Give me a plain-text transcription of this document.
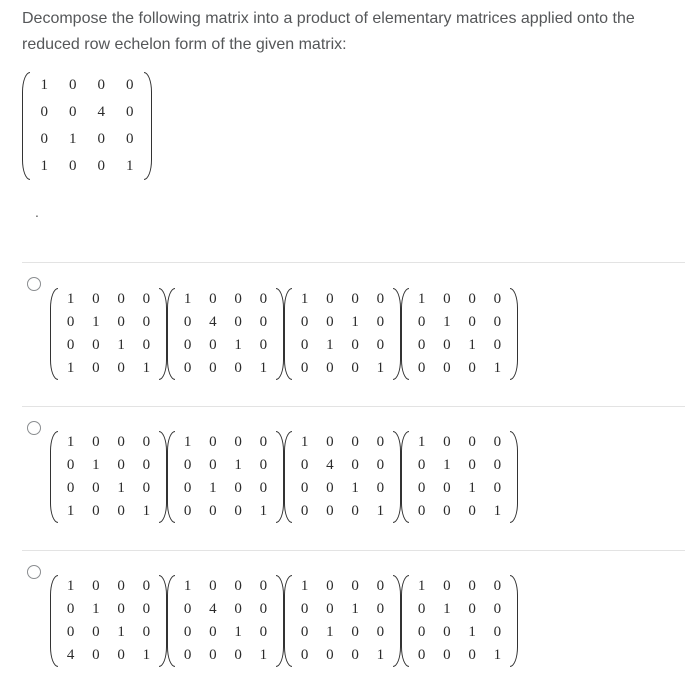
Decompose the following matrix into a product of elementary matrices applied onto the reduced row echelon form of the given matrix:
1 0 0 0
0 0 4 0
0 1 0 0
1 0 0 1
.
1 0 0 0
0 1 0 0
0 0 1 0
1 0 0 1
1 0 0 0
0 4 0 0
0 0 1 0
0 0 0 1
1 0 0 0
0 0 1 0
0 1 0 0
0 0 0 1
1 0 0 0
0 1 0 0
0 0 1 0
0 0 0 1
1 0 0 0
0 1 0 0
0 0 1 0
1 0 0 1
1 0 0 0
0 0 1 0
0 1 0 0
0 0 0 1
1 0 0 0
0 4 0 0
0 0 1 0
0 0 0 1
1 0 0 0
0 1 0 0
0 0 1 0
0 0 0 1
1 0 0 0
0 1 0 0
0 0 1 0
4 0 0 1
1 0 0 0
0 4 0 0
0 0 1 0
0 0 0 1
1 0 0 0
0 0 1 0
0 1 0 0
0 0 0 1
1 0 0 0
0 1 0 0
0 0 1 0
0 0 0 1
